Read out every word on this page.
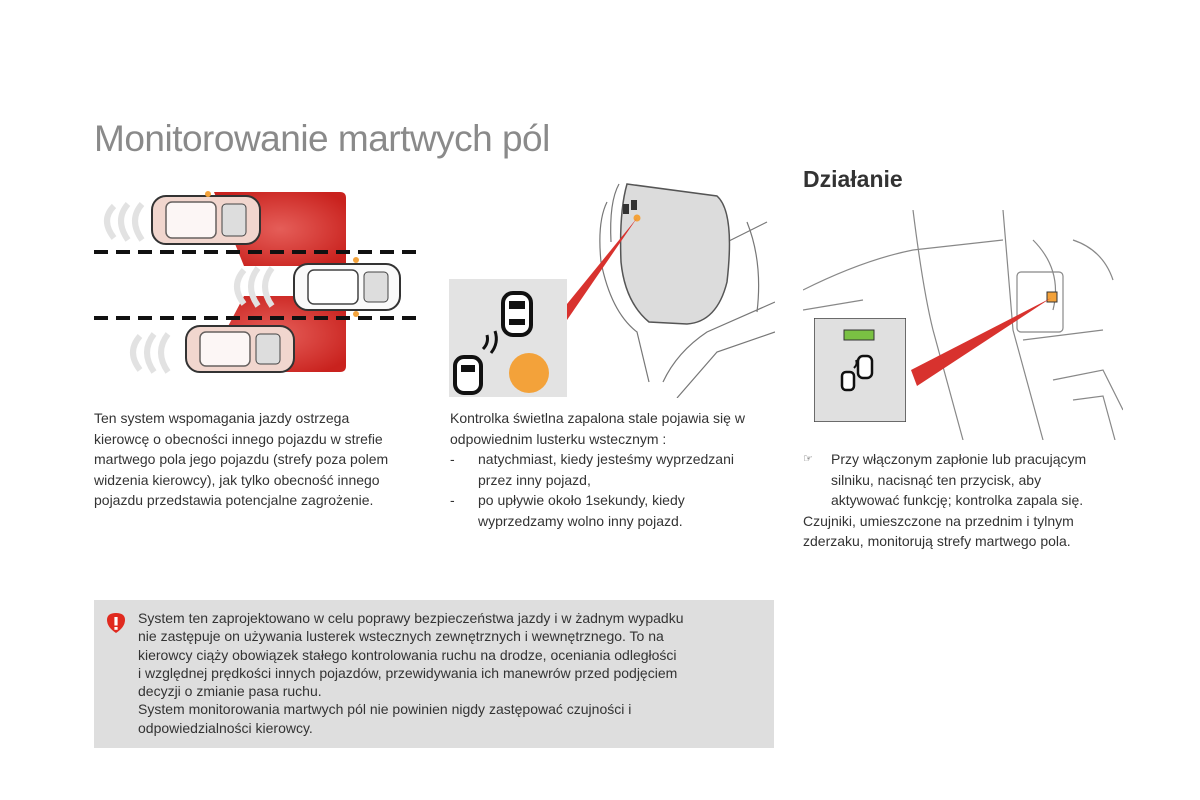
Monitorowanie martwych pól
Działanie
Ten system wspomagania jazdy ostrzega
kierowcę o obecności innego pojazdu w strefie
martwego pola jego pojazdu (strefy poza polem
widzenia kierowcy), jak tylko obecność innego
pojazdu przedstawia potencjalne zagrożenie.
Kontrolka świetlna zapalona stale pojawia się w
odpowiednim lusterku wstecznym :
-	natychmiast, kiedy jesteśmy wyprzedzani
przez inny pojazd,
-	po upływie około 1sekundy, kiedy
wyprzedzamy wolno inny pojazd.
☞	Przy włączonym zapłonie lub pracującym
silniku, nacisnąć ten przycisk, aby
aktywować funkcję; kontrolka zapala się.
Czujniki, umieszczone na przednim i tylnym
zderzaku, monitorują strefy martwego pola.
System ten zaprojektowano w celu poprawy bezpieczeństwa jazdy i w żadnym wypadku
nie zastępuje on używania lusterek wstecznych zewnętrznych i wewnętrznego. To na
kierowcy ciąży obowiązek stałego kontrolowania ruchu na drodze, oceniania odległości
i względnej prędkości innych pojazdów, przewidywania ich manewrów przed podjęciem
decyzji o zmianie pasa ruchu.
System monitorowania martwych pól nie powinien nigdy zastępować czujności i
odpowiedzialności kierowcy.
